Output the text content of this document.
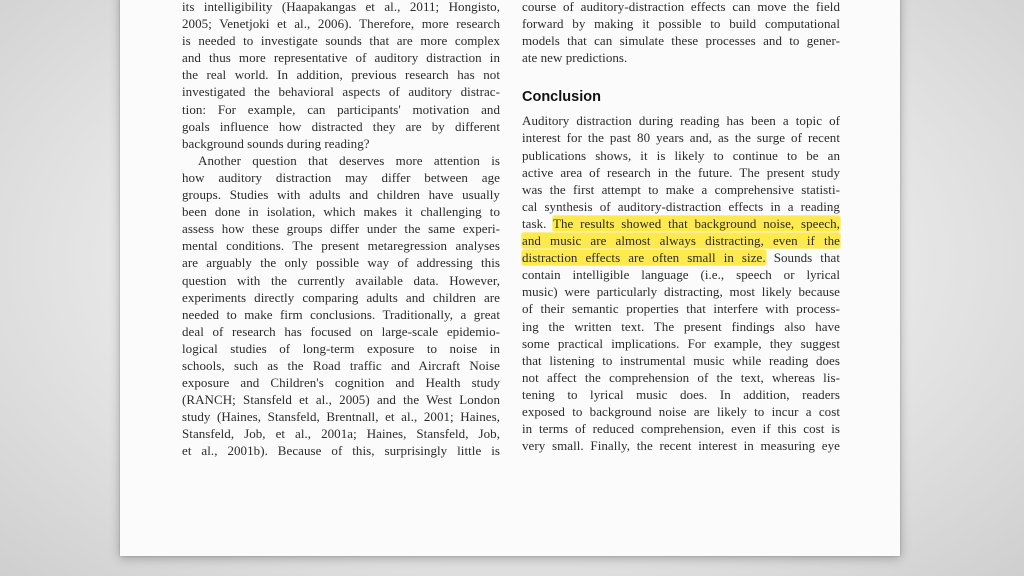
its intelligibility (Haapakangas et al., 2011; Hongisto,
2005; Venetjoki et al., 2006). Therefore, more research
is needed to investigate sounds that are more complex
and thus more representative of auditory distraction in
the real world. In addition, previous research has not
investigated the behavioral aspects of auditory distrac-
tion: For example, can participants' motivation and
goals influence how distracted they are by different
background sounds during reading?
Another question that deserves more attention is
how auditory distraction may differ between age
groups. Studies with adults and children have usually
been done in isolation, which makes it challenging to
assess how these groups differ under the same experi-
mental conditions. The present metaregression analyses
are arguably the only possible way of addressing this
question with the currently available data. However,
experiments directly comparing adults and children are
needed to make firm conclusions. Traditionally, a great
deal of research has focused on large-scale epidemio-
logical studies of long-term exposure to noise in
schools, such as the Road traffic and Aircraft Noise
exposure and Children's cognition and Health study
(RANCH; Stansfeld et al., 2005) and the West London
study (Haines, Stansfeld, Brentnall, et al., 2001; Haines,
Stansfeld, Job, et al., 2001a; Haines, Stansfeld, Job,
et al., 2001b). Because of this, surprisingly little is
course of auditory-distraction effects can move the field
forward by making it possible to build computational
models that can simulate these processes and to gener-
ate new predictions.
Conclusion
Auditory distraction during reading has been a topic of
interest for the past 80 years and, as the surge of recent
publications shows, it is likely to continue to be an
active area of research in the future. The present study
was the first attempt to make a comprehensive statisti-
cal synthesis of auditory-distraction effects in a reading
task. The results showed that background noise, speech,
and music are almost always distracting, even if the
distraction effects are often small in size. Sounds that
contain intelligible language (i.e., speech or lyrical
music) were particularly distracting, most likely because
of their semantic properties that interfere with process-
ing the written text. The present findings also have
some practical implications. For example, they suggest
that listening to instrumental music while reading does
not affect the comprehension of the text, whereas lis-
tening to lyrical music does. In addition, readers
exposed to background noise are likely to incur a cost
in terms of reduced comprehension, even if this cost is
very small. Finally, the recent interest in measuring eye
